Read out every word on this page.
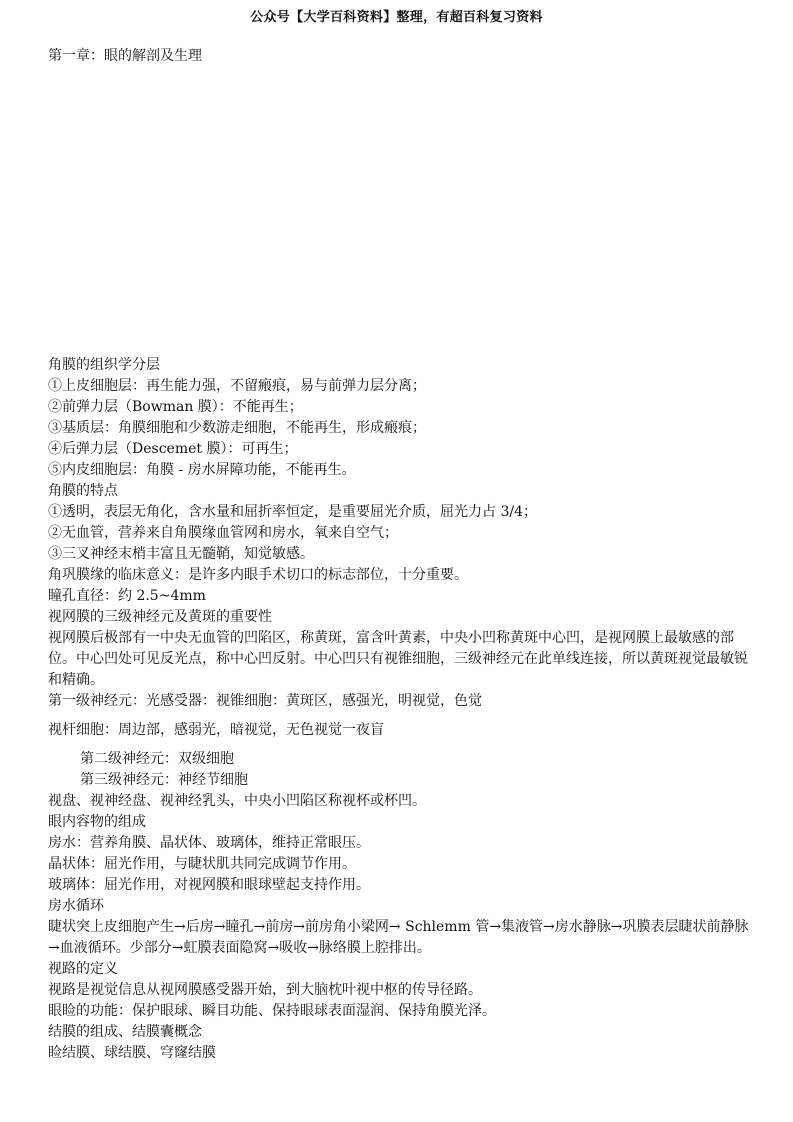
公众号【大学百科资料】整理，有超百科复习资料
第一章：眼的解剖及生理
角膜的组织学分层
①上皮细胞层：再生能力强，不留瘢痕，易与前弹力层分离；
②前弹力层（Bowman 膜）：不能再生；
③基质层：角膜细胞和少数游走细胞，不能再生，形成瘢痕；
④后弹力层（Descemet 膜）：可再生；
⑤内皮细胞层：角膜 - 房水屏障功能，不能再生。
角膜的特点
①透明，表层无角化，含水量和屈折率恒定，是重要屈光介质，屈光力占 3/4；
②无血管，营养来自角膜缘血管网和房水，氧来自空气；
③三叉神经末梢丰富且无髓鞘，知觉敏感。
角巩膜缘的临床意义：是许多内眼手术切口的标志部位，十分重要。
瞳孔直径：约 2.5~4mm
视网膜的三级神经元及黄斑的重要性
视网膜后极部有一中央无血管的凹陷区，称黄斑，富含叶黄素，中央小凹称黄斑中心凹，是视网膜上最敏感的部位。中心凹处可见反光点，称中心凹反射。中心凹只有视锥细胞，三级神经元在此单线连接，所以黄斑视觉最敏锐和精确。
第一级神经元：光感受器：视锥细胞：黄斑区，感强光，明视觉，色觉
视杆细胞：周边部，感弱光，暗视觉，无色视觉一夜盲
第二级神经元：双级细胞
第三级神经元：神经节细胞
视盘、视神经盘、视神经乳头，中央小凹陷区称视杯或杯凹。
眼内容物的组成
房水：营养角膜、晶状体、玻璃体，维持正常眼压。
晶状体：屈光作用，与睫状肌共同完成调节作用。
玻璃体：屈光作用，对视网膜和眼球壁起支持作用。
房水循环
睫状突上皮细胞产生→后房→瞳孔→前房→前房角小梁网→ Schlemm 管→集液管→房水静脉→巩膜表层睫状前静脉→血液循环。少部分→虹膜表面隐窝→吸收→脉络膜上腔排出。
视路的定义
视路是视觉信息从视网膜感受器开始，到大脑枕叶视中枢的传导径路。
眼睑的功能：保护眼球、瞬目功能、保持眼球表面湿润、保持角膜光泽。
结膜的组成、结膜囊概念
睑结膜、球结膜、穹窿结膜
